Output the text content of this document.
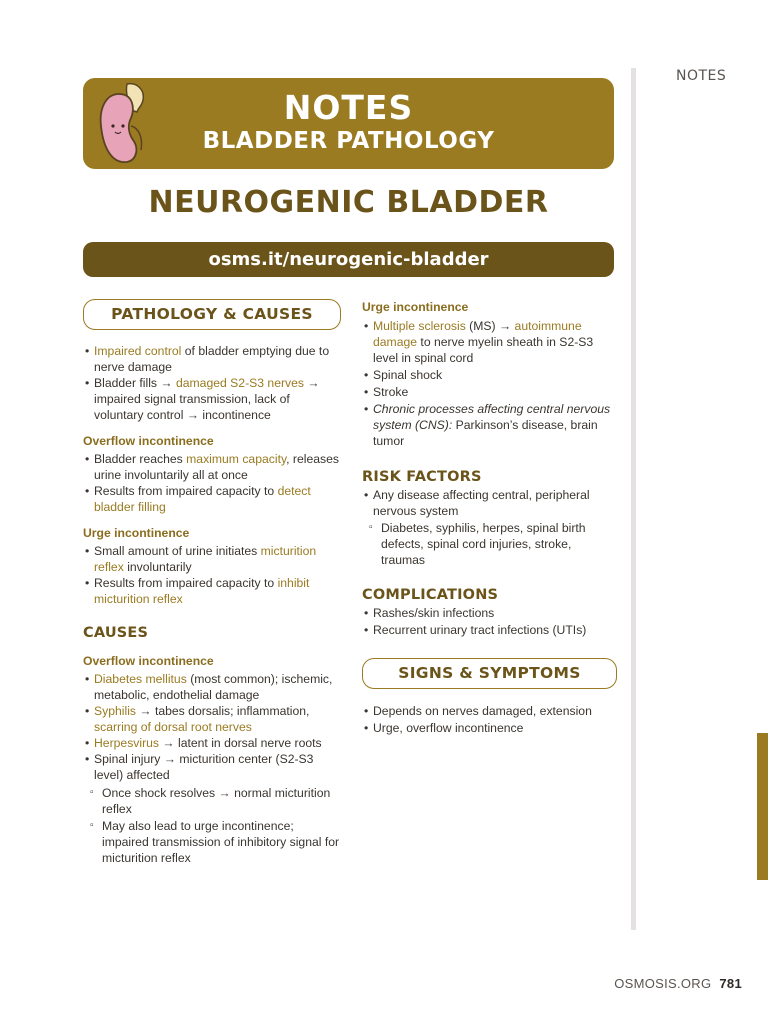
NOTES
NOTES
BLADDER PATHOLOGY
NEUROGENIC BLADDER
osms.it/neurogenic-bladder
PATHOLOGY & CAUSES
• Impaired control of bladder emptying due to nerve damage
• Bladder fills → damaged S2-S3 nerves → impaired signal transmission, lack of voluntary control → incontinence
Overflow incontinence
• Bladder reaches maximum capacity, releases urine involuntarily all at once
• Results from impaired capacity to detect bladder filling
Urge incontinence
• Small amount of urine initiates micturition reflex involuntarily
• Results from impaired capacity to inhibit micturition reflex
CAUSES
Overflow incontinence
• Diabetes mellitus (most common); ischemic, metabolic, endothelial damage
• Syphilis → tabes dorsalis; inflammation, scarring of dorsal root nerves
• Herpesvirus → latent in dorsal nerve roots
• Spinal injury → micturition center (S2-S3 level) affected
▫ Once shock resolves → normal micturition reflex
▫ May also lead to urge incontinence; impaired transmission of inhibitory signal for micturition reflex
Urge incontinence
• Multiple sclerosis (MS) → autoimmune damage to nerve myelin sheath in S2-S3 level in spinal cord
• Spinal shock
• Stroke
• Chronic processes affecting central nervous system (CNS): Parkinson’s disease, brain tumor
RISK FACTORS
• Any disease affecting central, peripheral nervous system
▫ Diabetes, syphilis, herpes, spinal birth defects, spinal cord injuries, stroke, traumas
COMPLICATIONS
• Rashes/skin infections
• Recurrent urinary tract infections (UTIs)
SIGNS & SYMPTOMS
• Depends on nerves damaged, extension
• Urge, overflow incontinence
OSMOSIS.ORG 781
